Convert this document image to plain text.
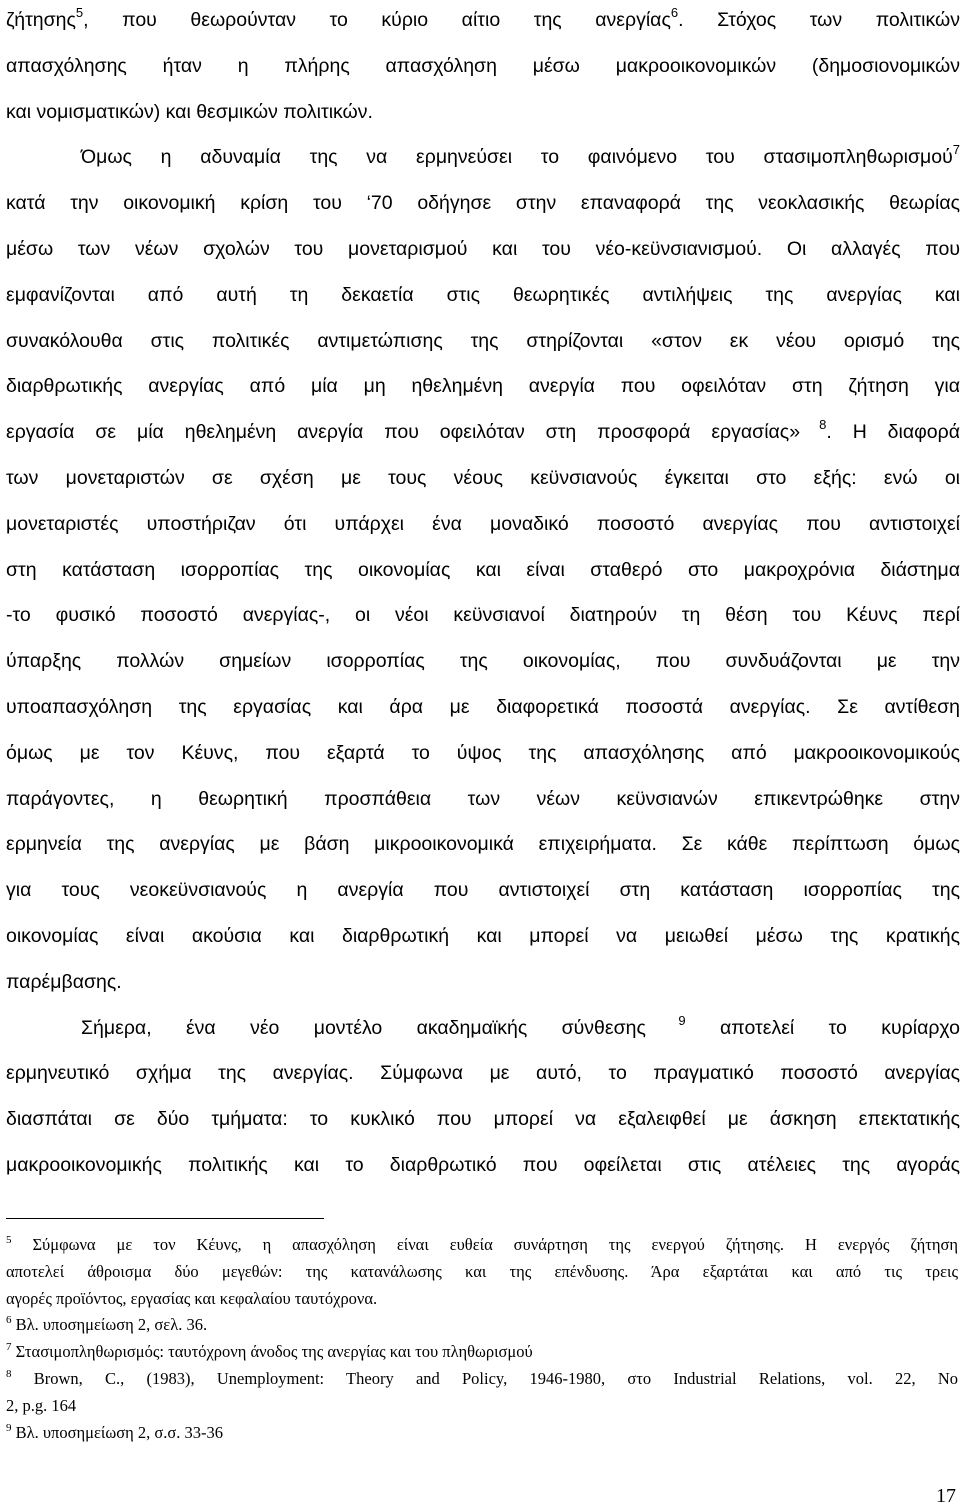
ζήτησης$^5$, που θεωρούνταν το κύριο αίτιο της ανεργίας$^6$. Στόχος των πολιτικών
απασχόλησης ήταν η πλήρης απασχόληση μέσω μακροοικονομικών (δημοσιονομικών
και νομισματικών) και θεσμικών πολιτικών.
Όμως η αδυναμία της να ερμηνεύσει το φαινόμενο του στασιμοπληθωρισμού$^7$
κατά την οικονομική κρίση του ‘70 οδήγησε στην επαναφορά της νεοκλασικής θεωρίας
μέσω των νέων σχολών του μονεταρισμού και του νέο-κεϋνσιανισμού. Οι αλλαγές που
εμφανίζονται από αυτή τη δεκαετία στις θεωρητικές αντιλήψεις της ανεργίας και
συνακόλουθα στις πολιτικές αντιμετώπισης της στηρίζονται «στον εκ νέου ορισμό της
διαρθρωτικής ανεργίας από μία μη ηθελημένη ανεργία που οφειλόταν στη ζήτηση για
εργασία σε μία ηθελημένη ανεργία που οφειλόταν στη προσφορά εργασίας» $^8$. Η διαφορά
των μονεταριστών σε σχέση με τους νέους κεϋνσιανούς έγκειται στο εξής: ενώ οι
μονεταριστές υποστήριζαν ότι υπάρχει ένα μοναδικό ποσοστό ανεργίας που αντιστοιχεί
στη κατάσταση ισορροπίας της οικονομίας και είναι σταθερό στο μακροχρόνια διάστημα
-το φυσικό ποσοστό ανεργίας-, οι νέοι κεϋνσιανοί διατηρούν τη θέση του Κέυνς περί
ύπαρξης πολλών σημείων ισορροπίας της οικονομίας, που συνδυάζονται με την
υποαπασχόληση της εργασίας και άρα με διαφορετικά ποσοστά ανεργίας. Σε αντίθεση
όμως με τον Κέυνς, που εξαρτά το ύψος της απασχόλησης από μακροοικονομικούς
παράγοντες, η θεωρητική προσπάθεια των νέων κεϋνσιανών επικεντρώθηκε στην
ερμηνεία της ανεργίας με βάση μικροοικονομικά επιχειρήματα. Σε κάθε περίπτωση όμως
για τους νεοκεϋνσιανούς η ανεργία που αντιστοιχεί στη κατάσταση ισορροπίας της
οικονομίας είναι ακούσια και διαρθρωτική και μπορεί να μειωθεί μέσω της κρατικής
παρέμβασης.
Σήμερα, ένα νέο μοντέλο ακαδημαϊκής σύνθεσης $^9$ αποτελεί το κυρίαρχο
ερμηνευτικό σχήμα της ανεργίας. Σύμφωνα με αυτό, το πραγματικό ποσοστό ανεργίας
διασπάται σε δύο τμήματα: το κυκλικό που μπορεί να εξαλειφθεί με άσκηση επεκτατικής
μακροοικονομικής πολιτικής και το διαρθρωτικό που οφείλεται στις ατέλειες της αγοράς
$^5$ Σύμφωνα με τον Κέυνς, η απασχόληση είναι ευθεία συνάρτηση της ενεργού ζήτησης. Η ενεργός ζήτηση
αποτελεί άθροισμα δύο μεγεθών: της κατανάλωσης και της επένδυσης. Άρα εξαρτάται και από τις τρεις
αγορές προϊόντος, εργασίας και κεφαλαίου ταυτόχρονα.
$^6$ Βλ. υποσημείωση 2, σελ. 36.
$^7$ Στασιμοπληθωρισμός: ταυτόχρονη άνοδος της ανεργίας και του πληθωρισμού
$^8$ Brown, C., (1983), Unemployment: Theory and Policy, 1946-1980, στο Industrial Relations, vol. 22, No
2, p.g. 164
$^9$ Βλ. υποσημείωση 2, σ.σ. 33-36
17
